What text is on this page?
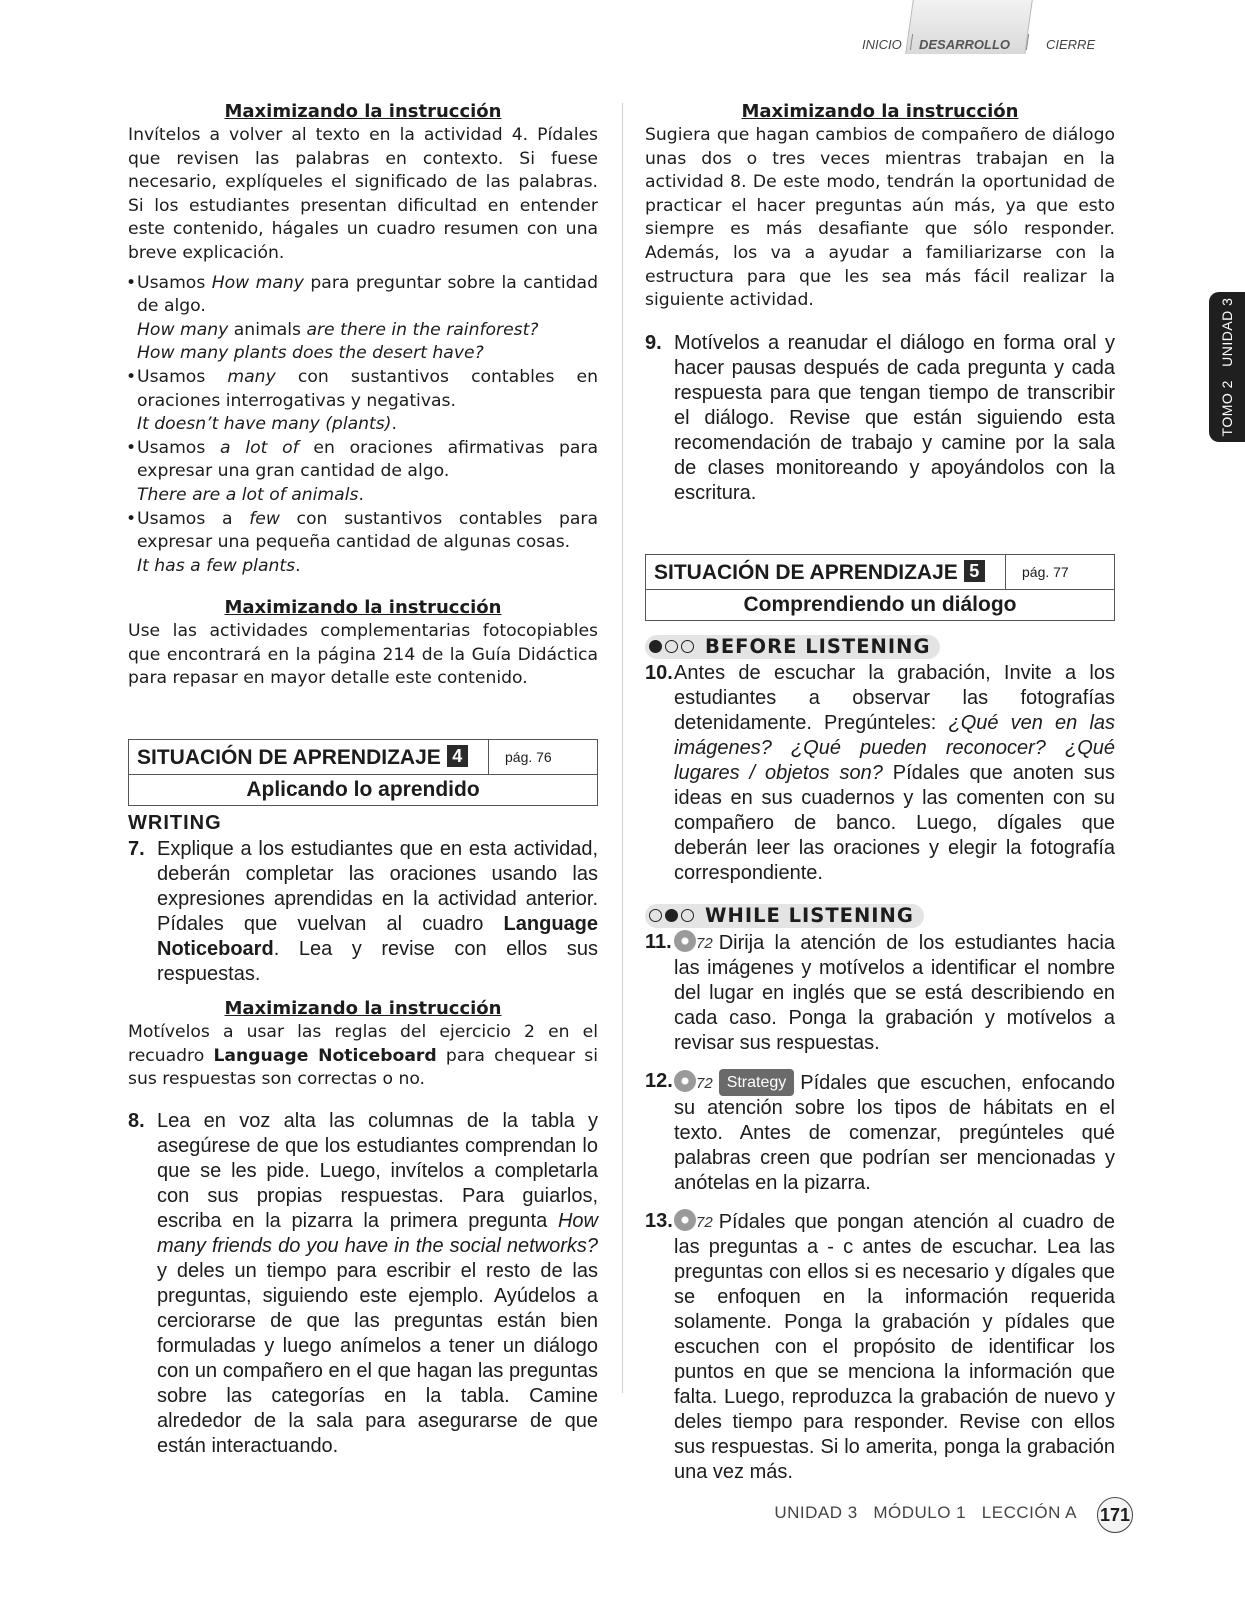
INICIO DESARROLLO	CIERRE
TOMO 2   UNIDAD 3

Maximizando la instrucción

Invítelos a volver al texto en la actividad 4. Pídales que revisen las palabras en contexto. Si fuese necesario, explíqueles el significado de las palabras. Si los estudiantes presentan dificultad en entender este contenido, hágales un cuadro resumen con una breve explicación.

• Usamos How many para preguntar sobre la cantidad de algo.
How many animals are there in the rainforest?
How many plants does the desert have?
• Usamos many con sustantivos contables en oraciones interrogativas y negativas.
It doesn’t have many (plants).
• Usamos a lot of en oraciones afirmativas para expresar una gran cantidad de algo.
There are a lot of animals.
• Usamos a few con sustantivos contables para expresar una pequeña cantidad de algunas cosas.
It has a few plants.

Maximizando la instrucción

Use las actividades complementarias fotocopiables que encontrará en la página 214 de la Guía Didáctica para repasar en mayor detalle este contenido.

SITUACIÓN DE APRENDIZAJE 4	pág. 76
Aplicando lo aprendido

WRITING

7. Explique a los estudiantes que en esta actividad, deberán completar las oraciones usando las expresiones aprendidas en la actividad anterior. Pídales que vuelvan al cuadro Language Noticeboard. Lea y revise con ellos sus respuestas.

Maximizando la instrucción

Motívelos a usar las reglas del ejercicio 2 en el recuadro Language Noticeboard para chequear si sus respuestas son correctas o no.

8. Lea en voz alta las columnas de la tabla y asegúrese de que los estudiantes comprendan lo que se les pide. Luego, invítelos a completarla con sus propias respuestas. Para guiarlos, escriba en la pizarra la primera pregunta How many friends do you have in the social networks? y deles un tiempo para escribir el resto de las preguntas, siguiendo este ejemplo. Ayúdelos a cerciorarse de que las preguntas están bien formuladas y luego anímelos a tener un diálogo con un compañero en el que hagan las preguntas sobre las categorías en la tabla. Camine alrededor de la sala para asegurarse de que están interactuando.

Maximizando la instrucción

Sugiera que hagan cambios de compañero de diálogo unas dos o tres veces mientras trabajan en la actividad 8. De este modo, tendrán la oportunidad de practicar el hacer preguntas aún más, ya que esto siempre es más desafiante que sólo responder. Además, los va a ayudar a familiarizarse con la estructura para que les sea más fácil realizar la siguiente actividad.

9. Motívelos a reanudar el diálogo en forma oral y hacer pausas después de cada pregunta y cada respuesta para que tengan tiempo de transcribir el diálogo. Revise que están siguiendo esta recomendación de trabajo y camine por la sala de clases monitoreando y apoyándolos con la escritura.
SITUACIÓN DE APRENDIZAJE 5	pág. 77
Comprendiendo un diálogo
BEFORE LISTENING
10. Antes de escuchar la grabación, Invite a los estudiantes a observar las fotografías detenidamente. Pregúnteles: ¿Qué ven en las imágenes? ¿Qué pueden reconocer? ¿Qué lugares / objetos son? Pídales que anoten sus ideas en sus cuadernos y las comenten con su compañero de banco. Luego, dígales que deberán leer las oraciones y elegir la fotografía correspondiente.
WHILE LISTENING
11. 72 Dirija la atención de los estudiantes hacia las imágenes y motívelos a identificar el nombre del lugar en inglés que se está describiendo en cada caso. Ponga la grabación y motívelos a revisar sus respuestas.
12. 72 Strategy Pídales que escuchen, enfocando su atención sobre los tipos de hábitats en el texto. Antes de comenzar, pregúnteles qué palabras creen que podrían ser mencionadas y anótelas en la pizarra.
13. 72 Pídales que pongan atención al cuadro de las preguntas a - c antes de escuchar. Lea las preguntas con ellos si es necesario y dígales que se enfoquen en la información requerida solamente. Ponga la grabación y pídales que escuchen con el propósito de identificar los puntos en que se menciona la información que falta. Luego, reproduzca la grabación de nuevo y deles tiempo para responder. Revise con ellos sus respuestas. Si lo amerita, ponga la grabación una vez más.
UNIDAD 3   MÓDULO 1   LECCIÓN A 171
